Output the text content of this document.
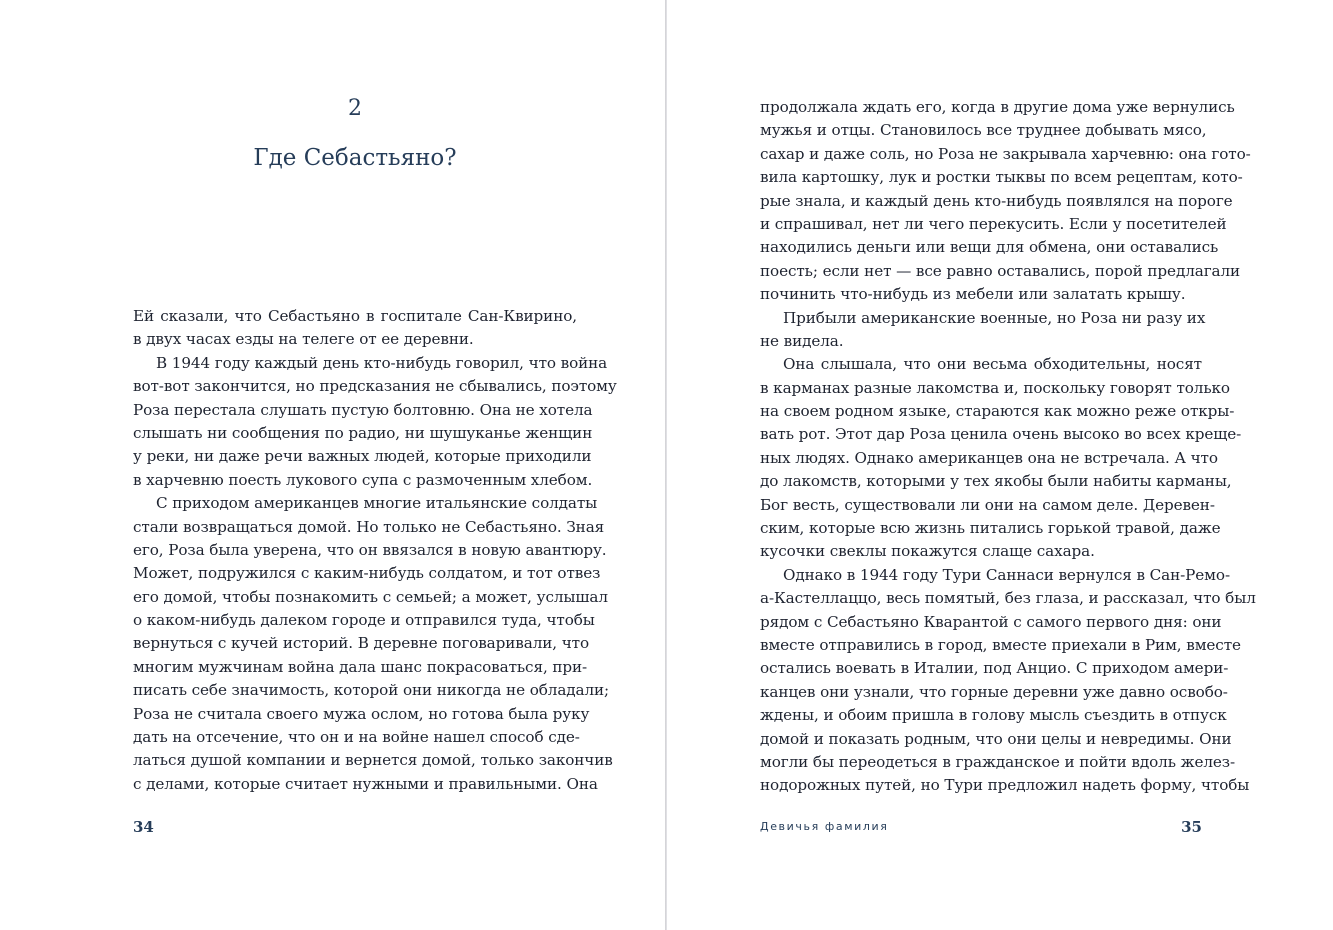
2
Где Себастьяно?
Ей сказали, что Себастьяно в госпитале Сан-Квирино,
в двух часах езды на телеге от ее деревни.
В 1944 году каждый день кто-нибудь говорил, что война
вот-вот закончится, но предсказания не сбывались, поэтому
Роза перестала слушать пустую болтовню. Она не хотела
слышать ни сообщения по радио, ни шушуканье женщин
у реки, ни даже речи важных людей, которые приходили
в харчевню поесть лукового супа с размоченным хлебом.
С приходом американцев многие итальянские солдаты
стали возвращаться домой. Но только не Себастьяно. Зная
его, Роза была уверена, что он ввязался в новую авантюру.
Может, подружился с каким-нибудь солдатом, и тот отвез
его домой, чтобы познакомить с семьей; а может, услышал
о каком-нибудь далеком городе и отправился туда, чтобы
вернуться с кучей историй. В деревне поговаривали, что
многим мужчинам война дала шанс покрасоваться, при-
писать себе значимость, которой они никогда не обладали;
Роза не считала своего мужа ослом, но готова была руку
дать на отсечение, что он и на войне нашел способ сде-
латься душой компании и вернется домой, только закончив
с делами, которые считает нужными и правильными. Она
34
продолжала ждать его, когда в другие дома уже вернулись
мужья и отцы. Становилось все труднее добывать мясо,
сахар и даже соль, но Роза не закрывала харчевню: она гото-
вила картошку, лук и ростки тыквы по всем рецептам, кото-
рые знала, и каждый день кто-нибудь появлялся на пороге
и спрашивал, нет ли чего перекусить. Если у посетителей
находились деньги или вещи для обмена, они оставались
поесть; если нет — все равно оставались, порой предлагали
починить что-нибудь из мебели или залатать крышу.
Прибыли американские военные, но Роза ни разу их
не видела.
Она слышала, что они весьма обходительны, носят
в карманах разные лакомства и, поскольку говорят только
на своем родном языке, стараются как можно реже откры-
вать рот. Этот дар Роза ценила очень высоко во всех креще-
ных людях. Однако американцев она не встречала. А что
до лакомств, которыми у тех якобы были набиты карманы,
Бог весть, существовали ли они на самом деле. Деревен-
ским, которые всю жизнь питались горькой травой, даже
кусочки свеклы покажутся слаще сахара.
Однако в 1944 году Тури Саннаси вернулся в Сан-Ремо-
а-Кастеллаццо, весь помятый, без глаза, и рассказал, что был
рядом с Себастьяно Кварантой с самого первого дня: они
вместе отправились в город, вместе приехали в Рим, вместе
остались воевать в Италии, под Анцио. С приходом амери-
канцев они узнали, что горные деревни уже давно освобо-
ждены, и обоим пришла в голову мысль съездить в отпуск
домой и показать родным, что они целы и невредимы. Они
могли бы переодеться в гражданское и пойти вдоль желез-
нодорожных путей, но Тури предложил надеть форму, чтобы
Девичья фамилия	35
